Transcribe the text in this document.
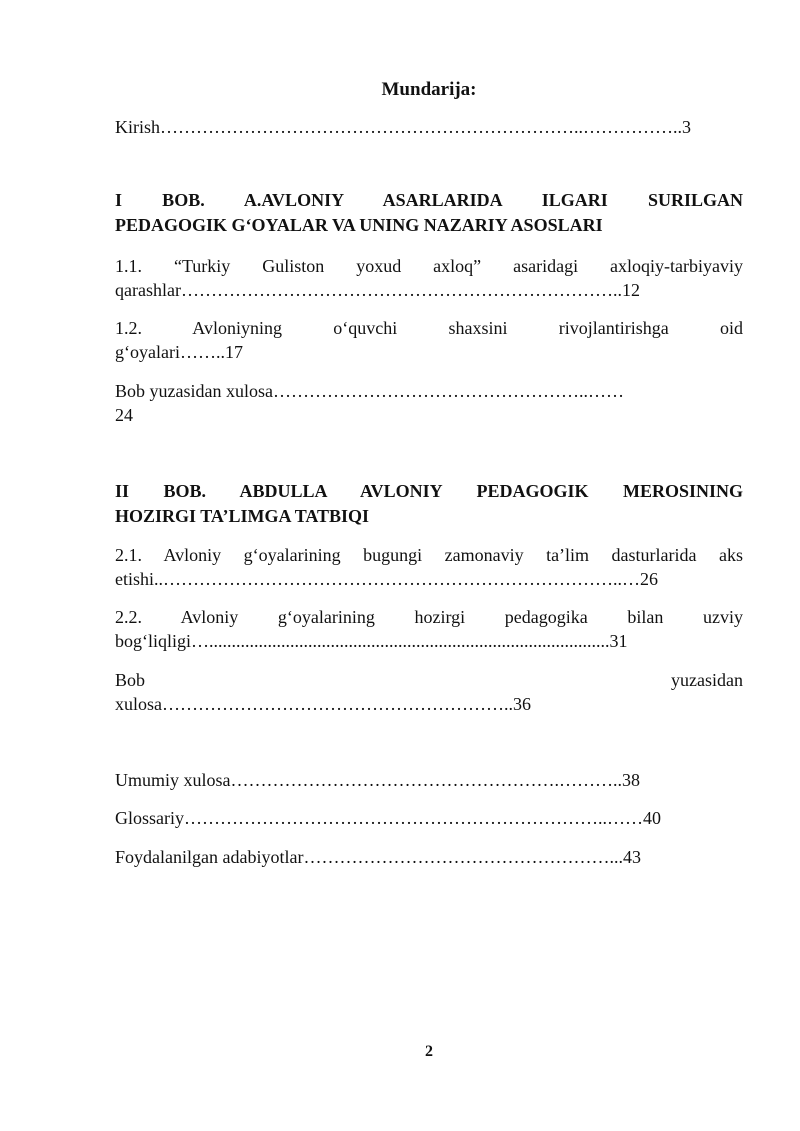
Mundarija:
Kirish……………………………………………………………..……………..3
I BOB. A.AVLONIY ASARLARIDA ILGARI SURILGAN
PEDAGOGIK G‘OYALAR VA UNING NAZARIY ASOSLARI
1.1. “Turkiy Guliston yoxud axloq” asaridagi axloqiy-tarbiyaviy
qarashlar………………………………………………………………..12
1.2. Avloniyning o‘quvchi shaxsini rivojlantirishga oid
g‘oyalari……..17
Bob yuzasidan xulosa……………………………………………..……
24
II BOB. ABDULLA AVLONIY PEDAGOGIK MEROSINING
HOZIRGI TA’LIMGA TATBIQI
2.1. Avloniy g‘oyalarining bugungi zamonaviy ta’lim dasturlarida aks
etishi..…………………………………………………………………..…26
2.2. Avloniy g‘oyalarining hozirgi pedagogika bilan uzviy
bog‘liqligi….........................................................................................31
Bob yuzasidan
xulosa…………………………………………………..36
Umumiy xulosa……………………………………………….………..38
Glossariy……………………………………………………………..……40
Foydalanilgan adabiyotlar……………………………………………...43
2
